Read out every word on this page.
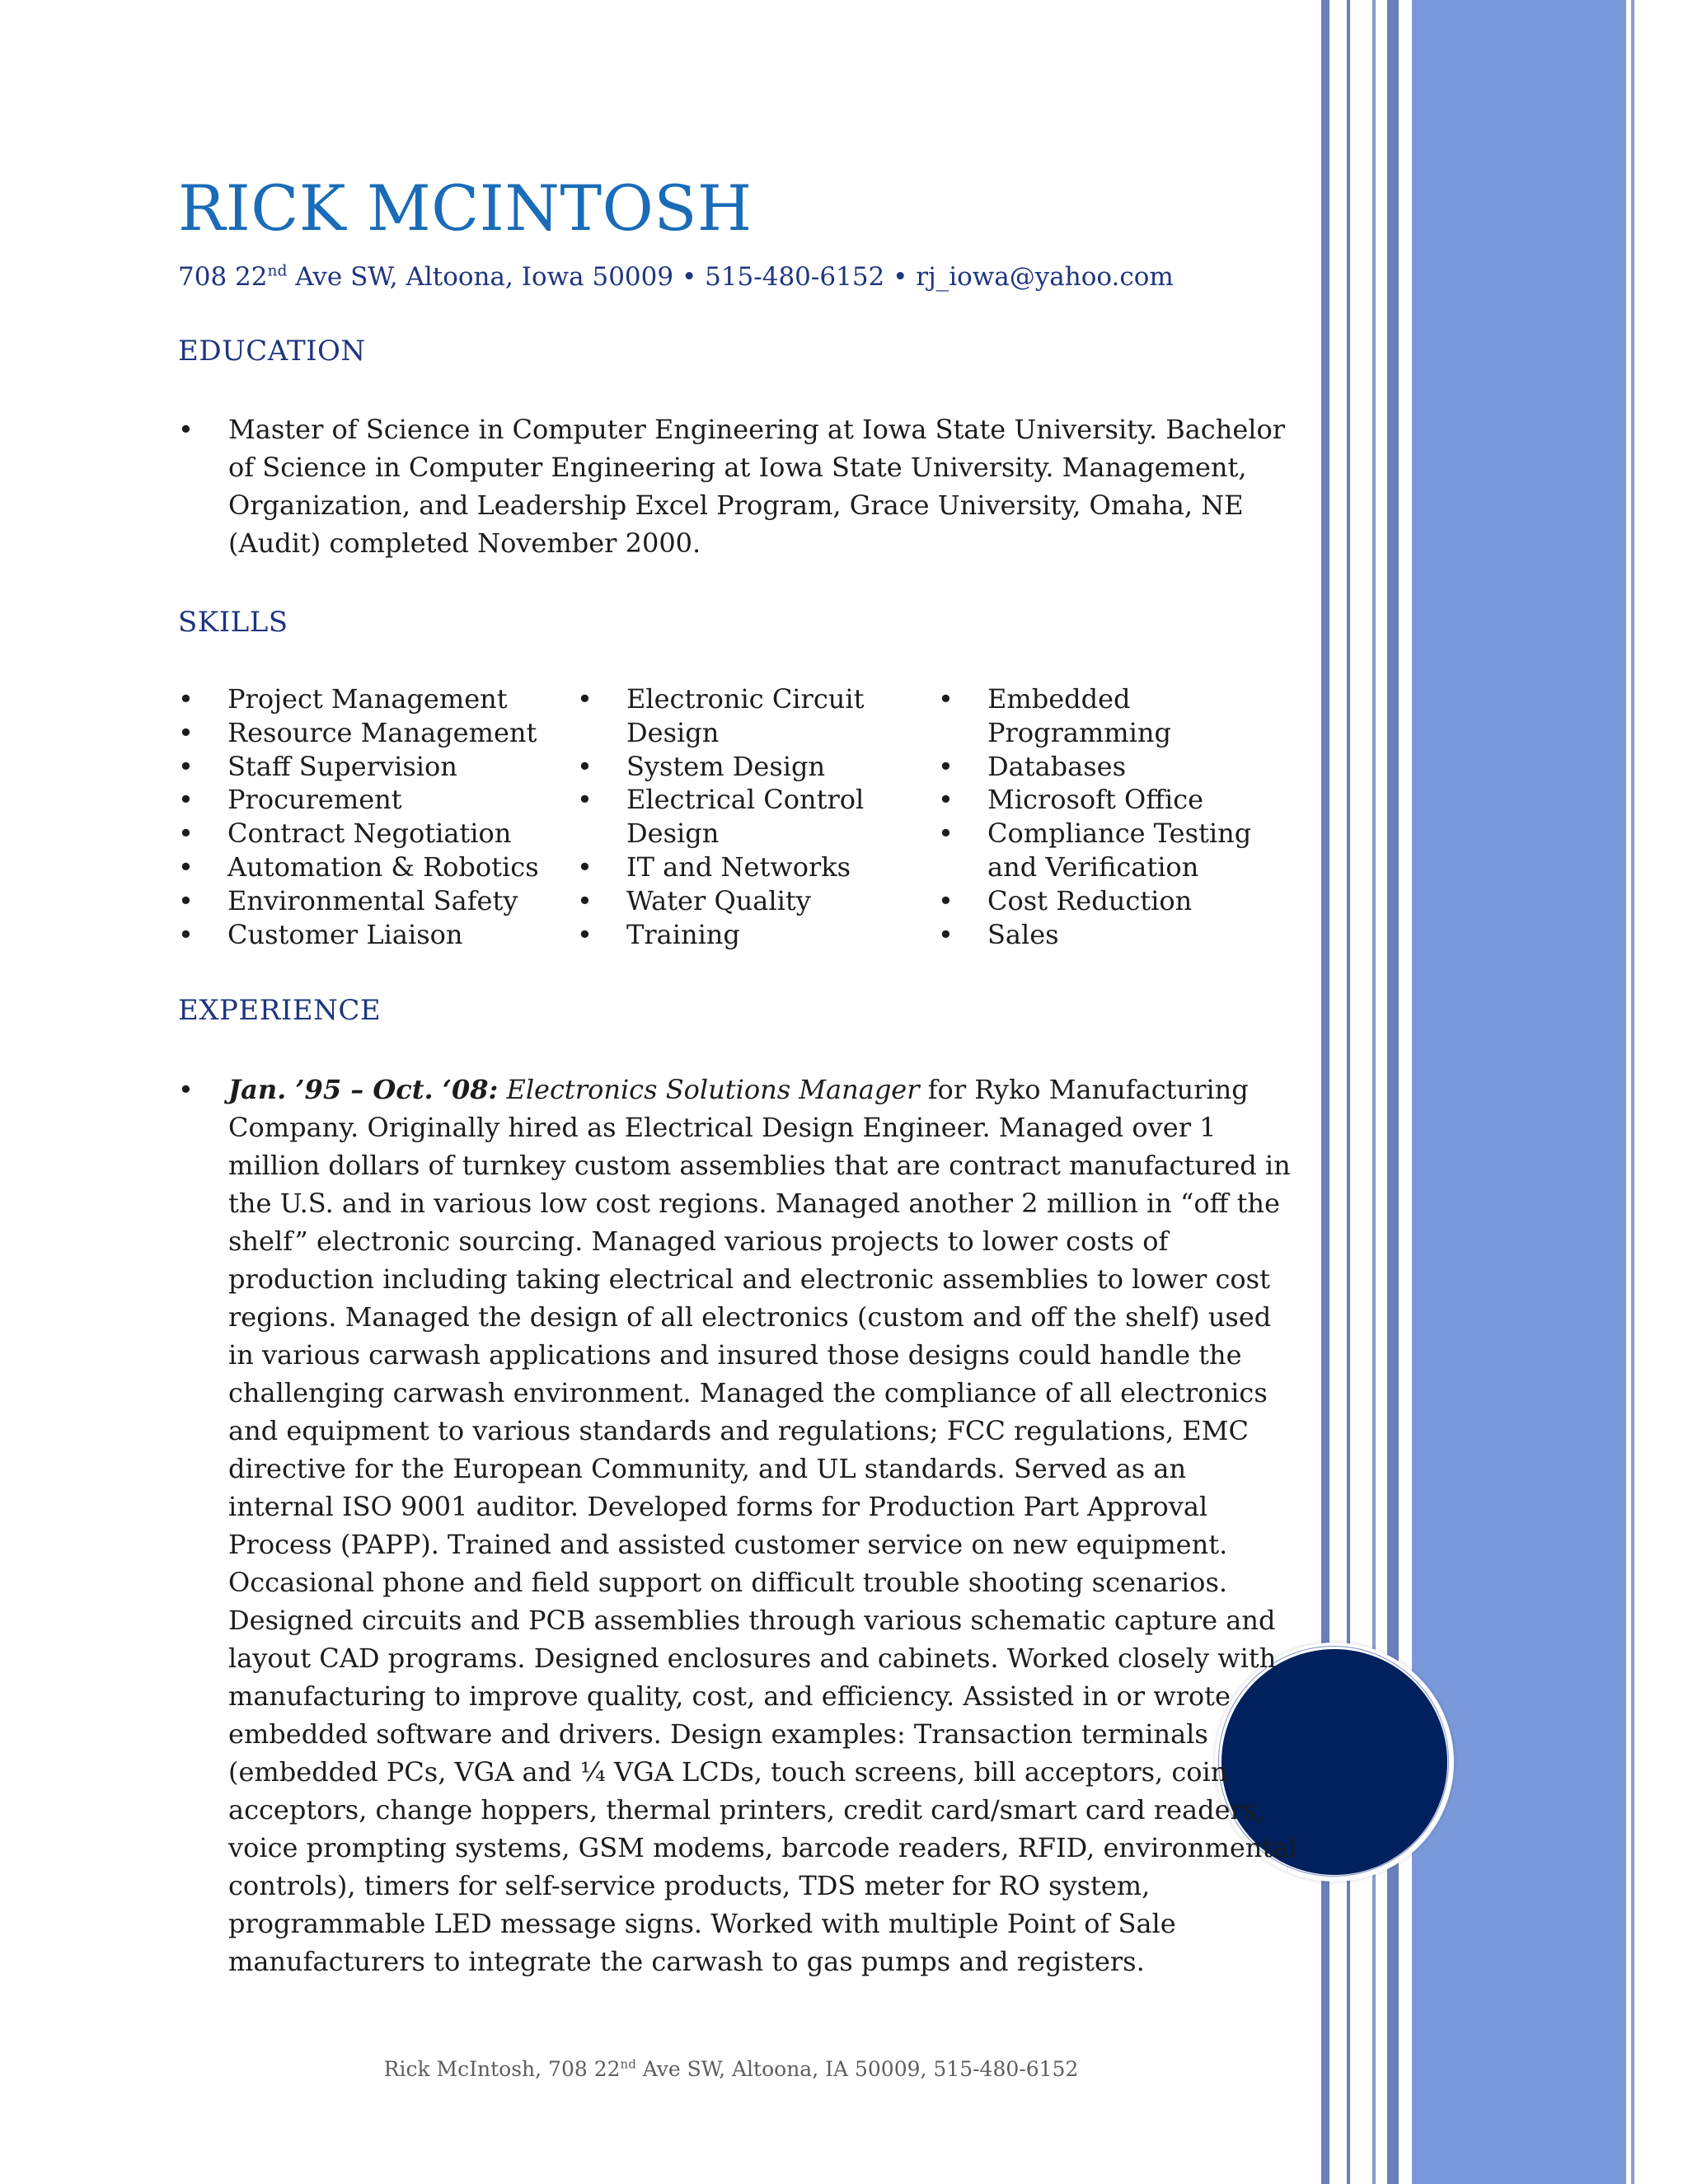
RICK MCINTOSH
708 22nd Ave SW, Altoona, Iowa 50009 • 515-480-6152 • rj_iowa@yahoo.com
EDUCATION
• Master of Science in Computer Engineering at Iowa State University. Bachelor of Science in Computer Engineering at Iowa State University. Management, Organization, and Leadership Excel Program, Grace University, Omaha, NE (Audit) completed November 2000.
SKILLS
• Project Management
• Resource Management
• Staff Supervision
• Procurement
• Contract Negotiation
• Automation & Robotics
• Environmental Safety
• Customer Liaison
• Electronic Circuit Design
• System Design
• Electrical Control Design
• IT and Networks
• Water Quality
• Training
• Embedded Programming
• Databases
• Microsoft Office
• Compliance Testing and Verification
• Cost Reduction
• Sales
EXPERIENCE
• Jan. ’95 – Oct. ‘08: Electronics Solutions Manager for Ryko Manufacturing Company. Originally hired as Electrical Design Engineer. Managed over 1 million dollars of turnkey custom assemblies that are contract manufactured in the U.S. and in various low cost regions. Managed another 2 million in “off the shelf” electronic sourcing. Managed various projects to lower costs of production including taking electrical and electronic assemblies to lower cost regions. Managed the design of all electronics (custom and off the shelf) used in various carwash applications and insured those designs could handle the challenging carwash environment. Managed the compliance of all electronics and equipment to various standards and regulations; FCC regulations, EMC directive for the European Community, and UL standards. Served as an internal ISO 9001 auditor. Developed forms for Production Part Approval Process (PAPP). Trained and assisted customer service on new equipment. Occasional phone and field support on difficult trouble shooting scenarios. Designed circuits and PCB assemblies through various schematic capture and layout CAD programs. Designed enclosures and cabinets. Worked closely with manufacturing to improve quality, cost, and efficiency. Assisted in or wrote embedded software and drivers. Design examples: Transaction terminals (embedded PCs, VGA and ¼ VGA LCDs, touch screens, bill acceptors, coin acceptors, change hoppers, thermal printers, credit card/smart card readers, voice prompting systems, GSM modems, barcode readers, RFID, environmental controls), timers for self-service products, TDS meter for RO system, programmable LED message signs. Worked with multiple Point of Sale manufacturers to integrate the carwash to gas pumps and registers.
Rick McIntosh, 708 22nd Ave SW, Altoona, IA 50009, 515-480-6152
